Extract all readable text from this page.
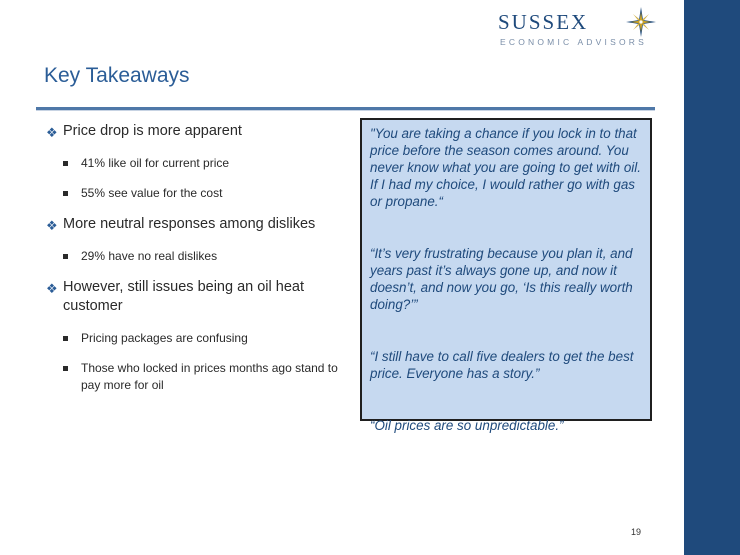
SUSSEX
ECONOMIC ADVISORS
Key Takeaways
❖ Price drop is more apparent
41% like oil for current price
55% see value for the cost
❖ More neutral responses among dislikes
29% have no real dislikes
❖ However, still issues being an oil heat customer
Pricing packages are confusing
Those who locked in prices months ago stand to pay more for oil

"You are taking a chance if you lock in to that price before the season comes around. You never know what you are going to get with oil. If I had my choice, I would rather go with gas or propane.“

“It’s very frustrating because you plan it, and years past it’s always gone up, and now it doesn’t, and now you go, ‘Is this really worth doing?’”

“I still have to call five dealers to get the best price. Everyone has a story.”

“Oil prices are so unpredictable.”

19
